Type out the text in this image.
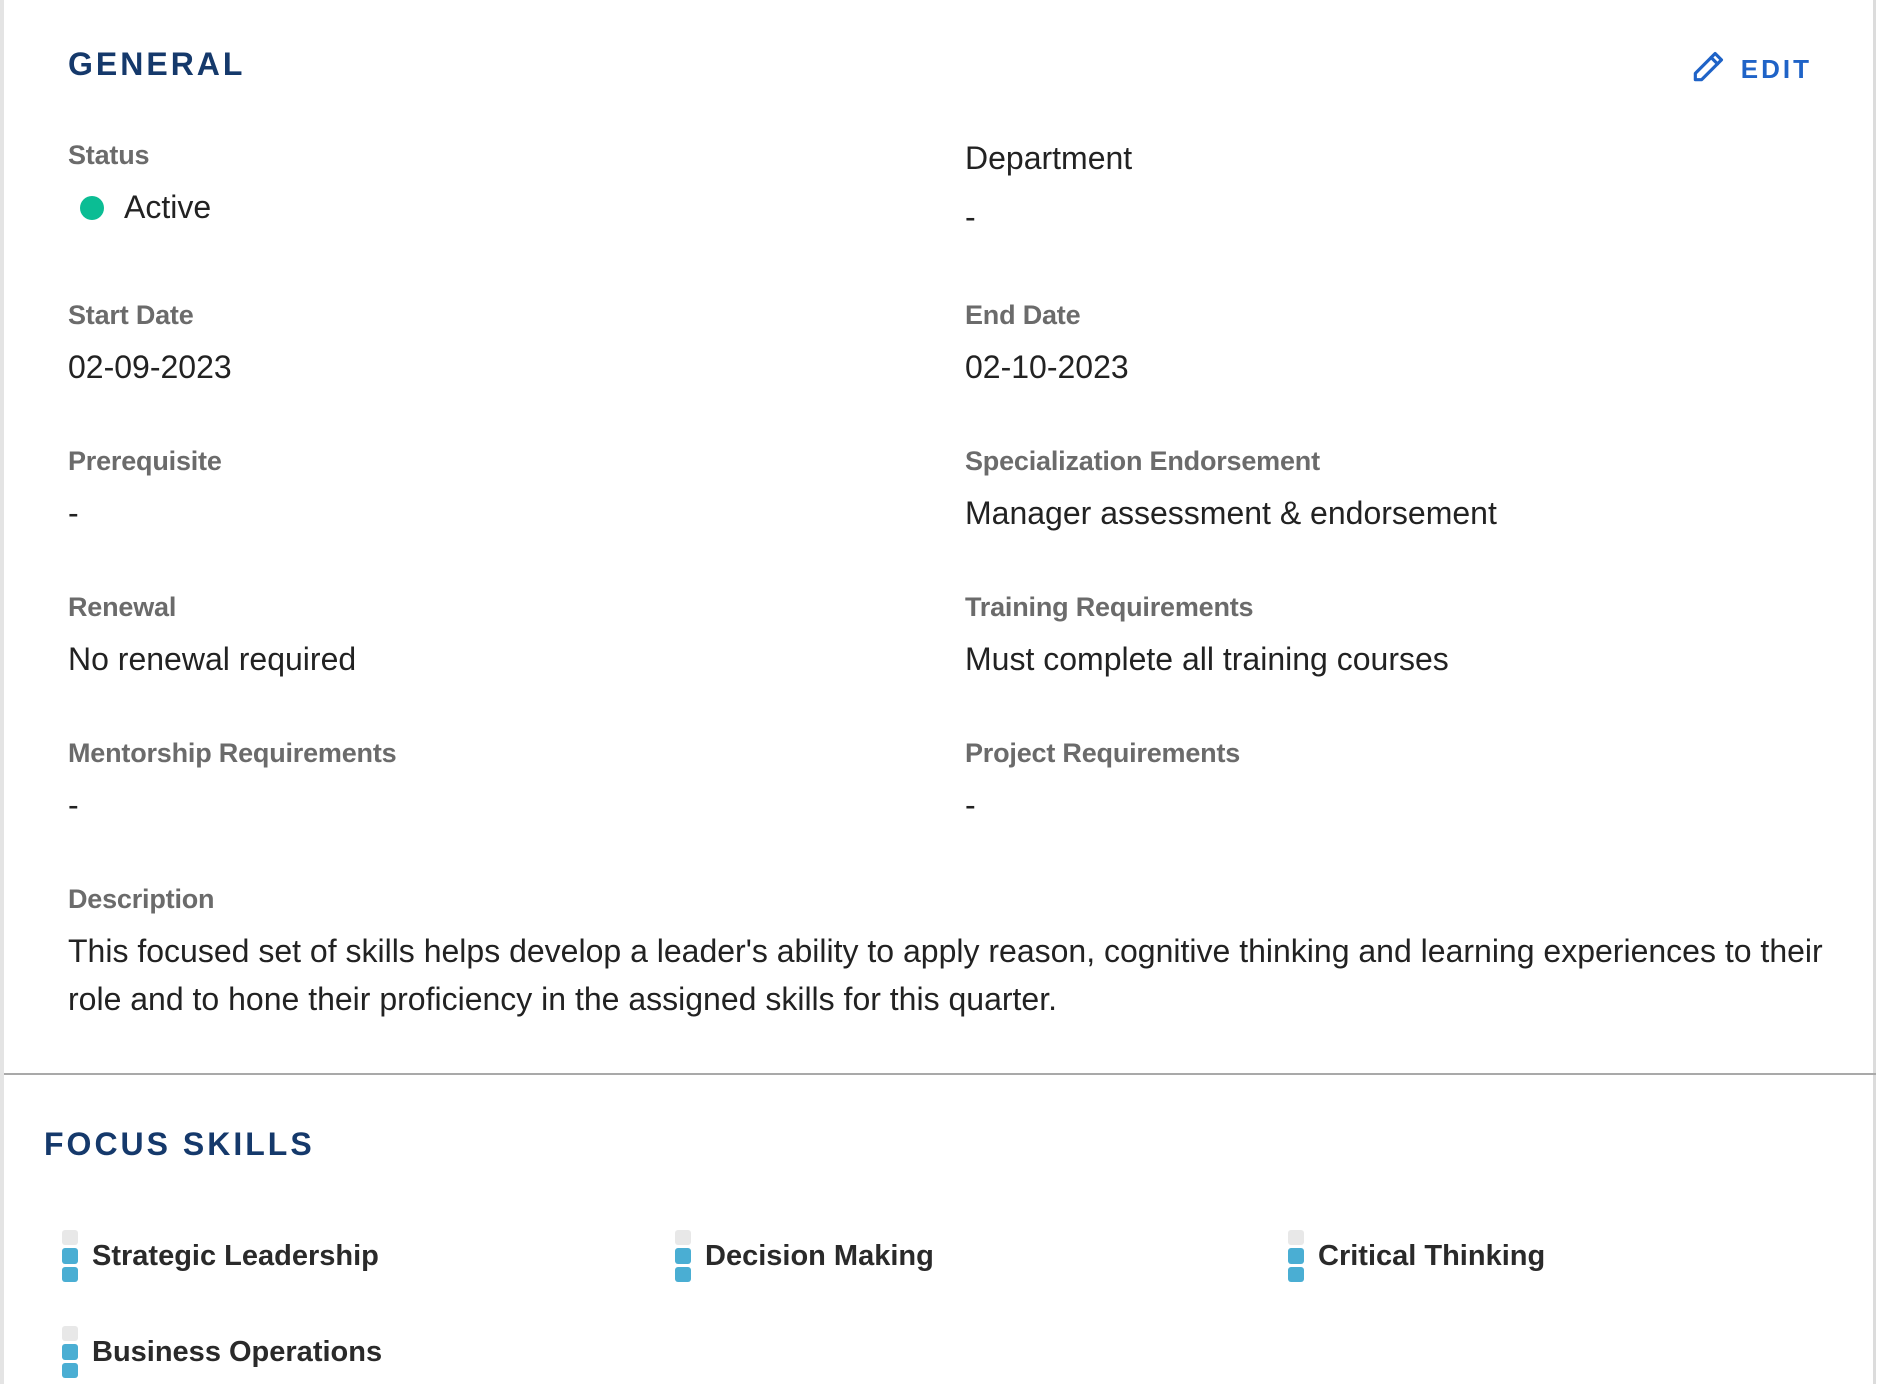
GENERAL	EDIT
Status
Active
Department
-
Start Date
02-09-2023
End Date
02-10-2023
Prerequisite
-
Specialization Endorsement
Manager assessment & endorsement
Renewal
No renewal required
Training Requirements
Must complete all training courses
Mentorship Requirements
-
Project Requirements
-
Description
This focused set of skills helps develop a leader's ability to apply reason, cognitive thinking and learning experiences to their role and to hone their proficiency in the assigned skills for this quarter.
FOCUS SKILLS
Strategic Leadership	Decision Making	Critical Thinking
Business Operations
